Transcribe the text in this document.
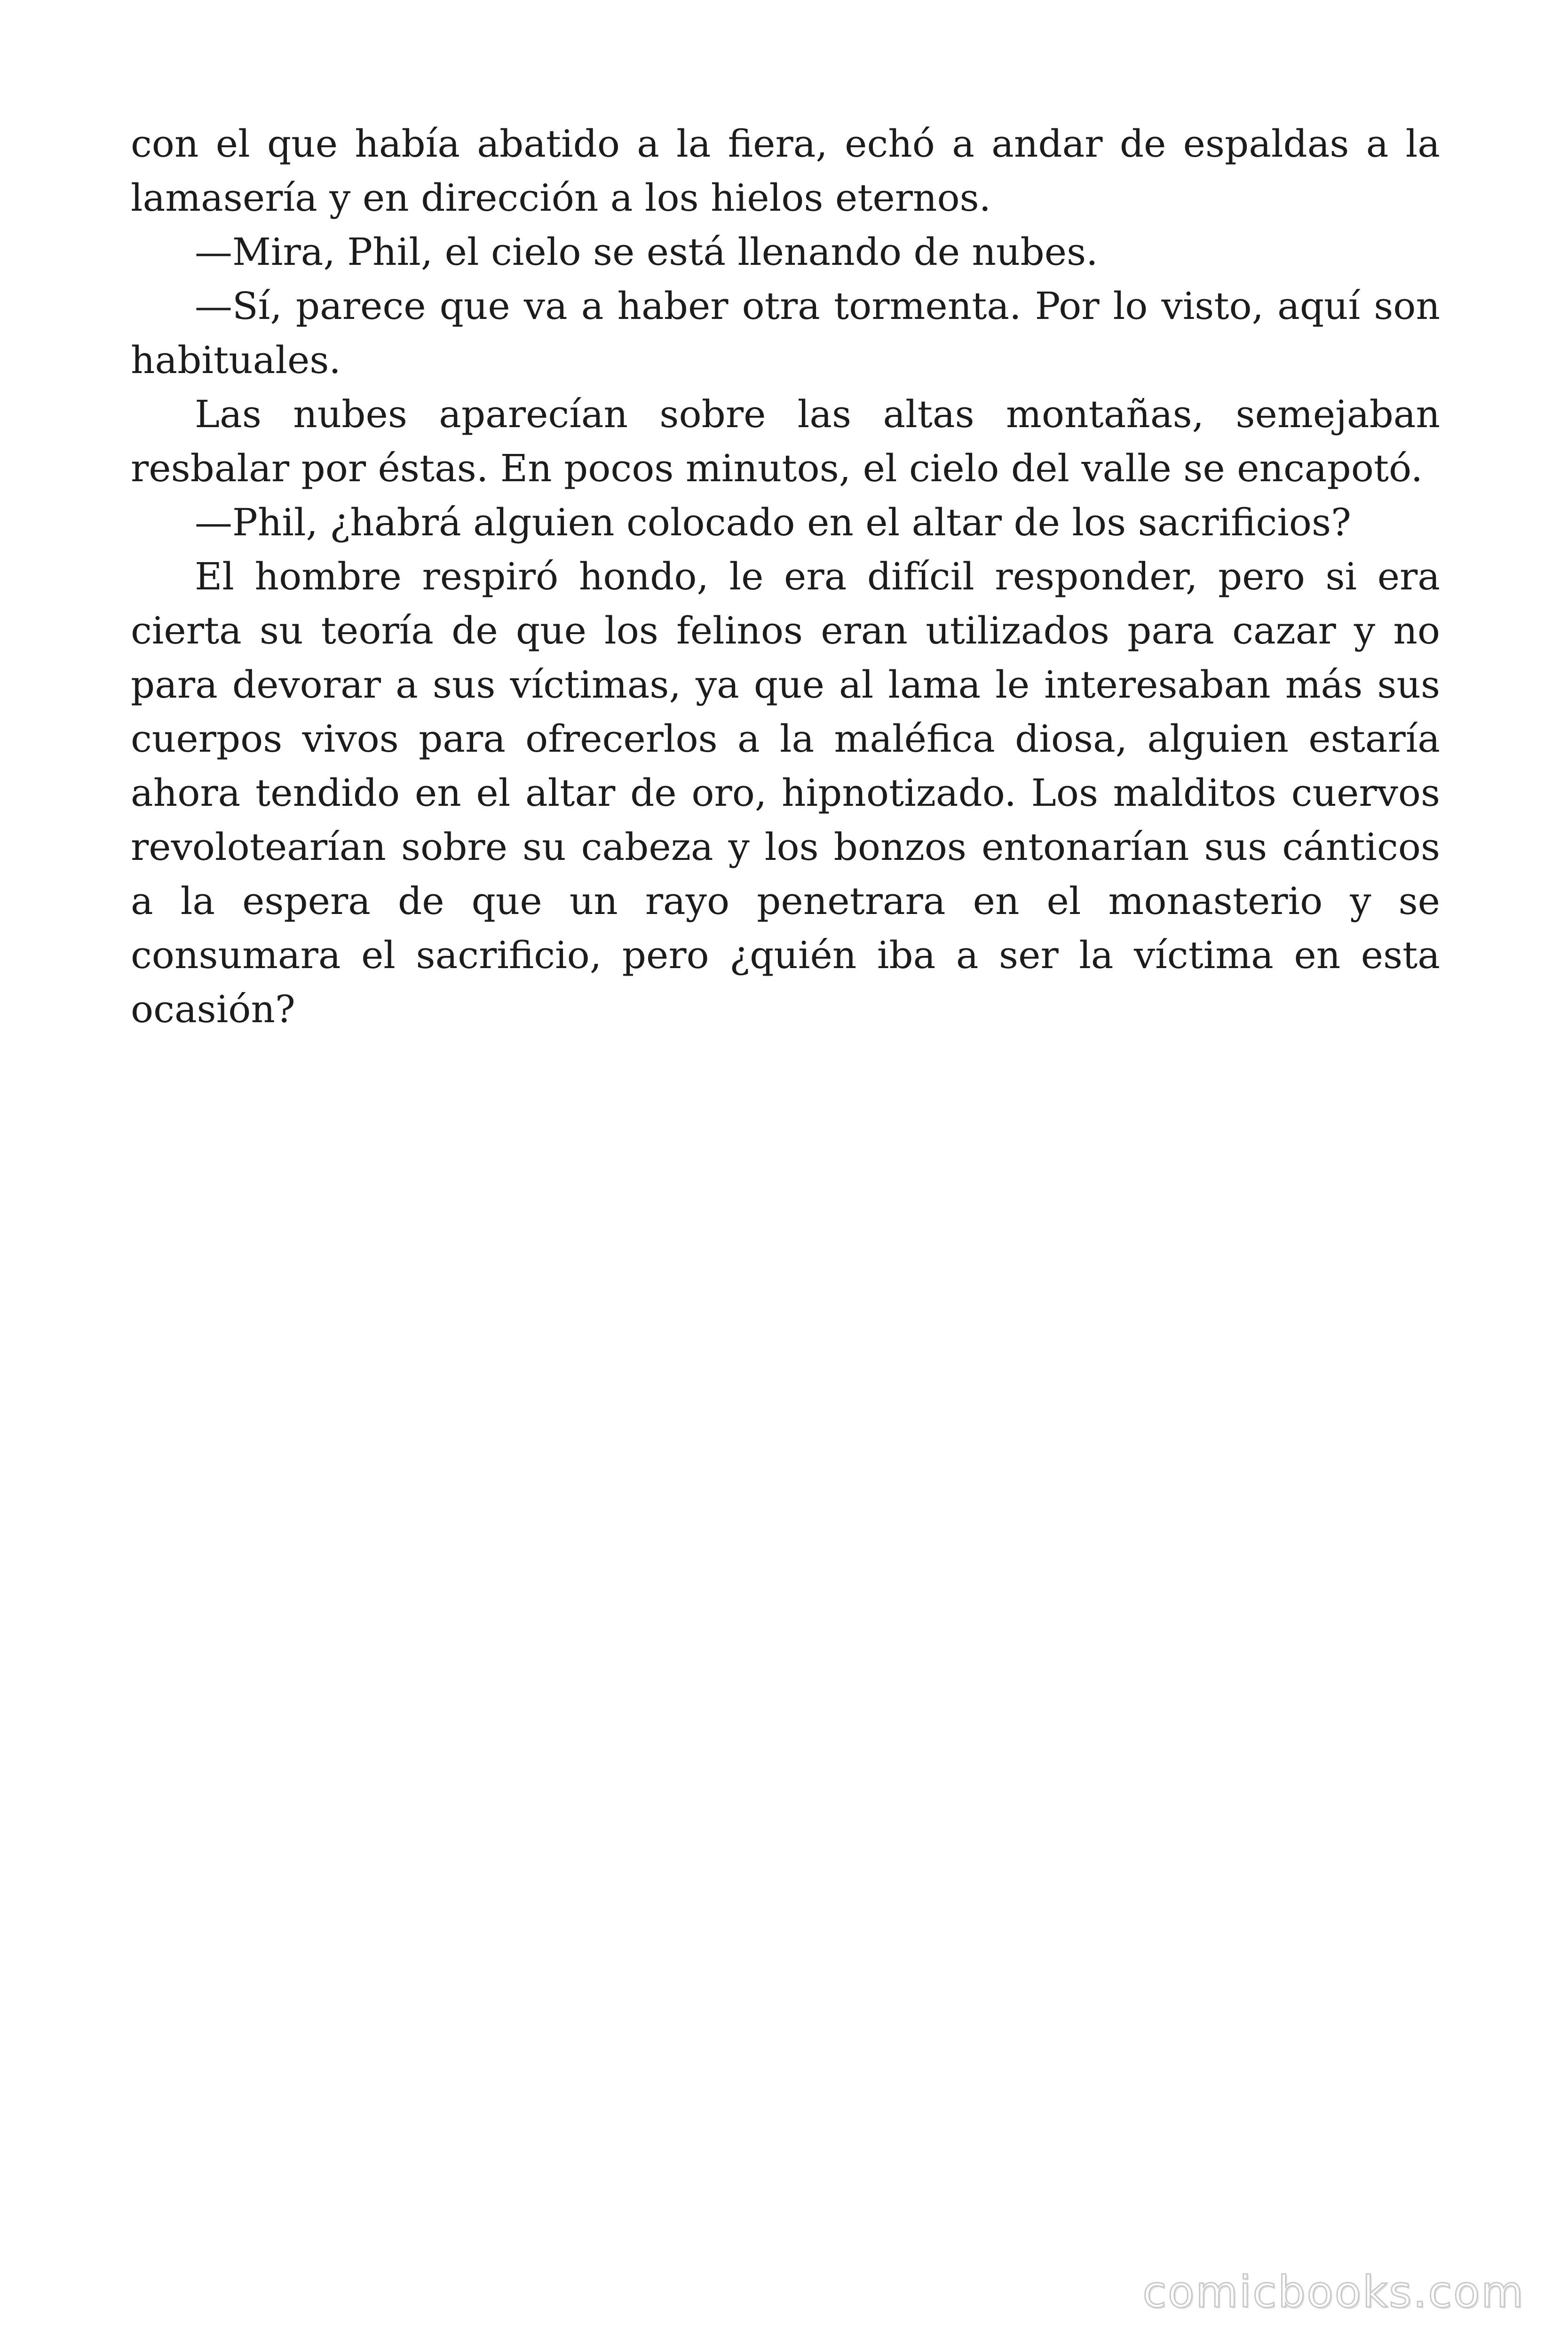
con el que había abatido a la fiera, echó a andar de espaldas a la lamasería y en dirección a los hielos eternos.

—Mira, Phil, el cielo se está llenando de nubes.

—Sí, parece que va a haber otra tormenta. Por lo visto, aquí son habituales.

Las nubes aparecían sobre las altas montañas, semejaban resbalar por éstas. En pocos minutos, el cielo del valle se encapotó.

—Phil, ¿habrá alguien colocado en el altar de los sacrificios?

El hombre respiró hondo, le era difícil responder, pero si era cierta su teoría de que los felinos eran utilizados para cazar y no para devorar a sus víctimas, ya que al lama le interesaban más sus cuerpos vivos para ofrecerlos a la maléfica diosa, alguien estaría ahora tendido en el altar de oro, hipnotizado. Los malditos cuervos revolotearían sobre su cabeza y los bonzos entonarían sus cánticos a la espera de que un rayo penetrara en el monasterio y se consumara el sacrificio, pero ¿quién iba a ser la víctima en esta ocasión?

comicbooks.com
